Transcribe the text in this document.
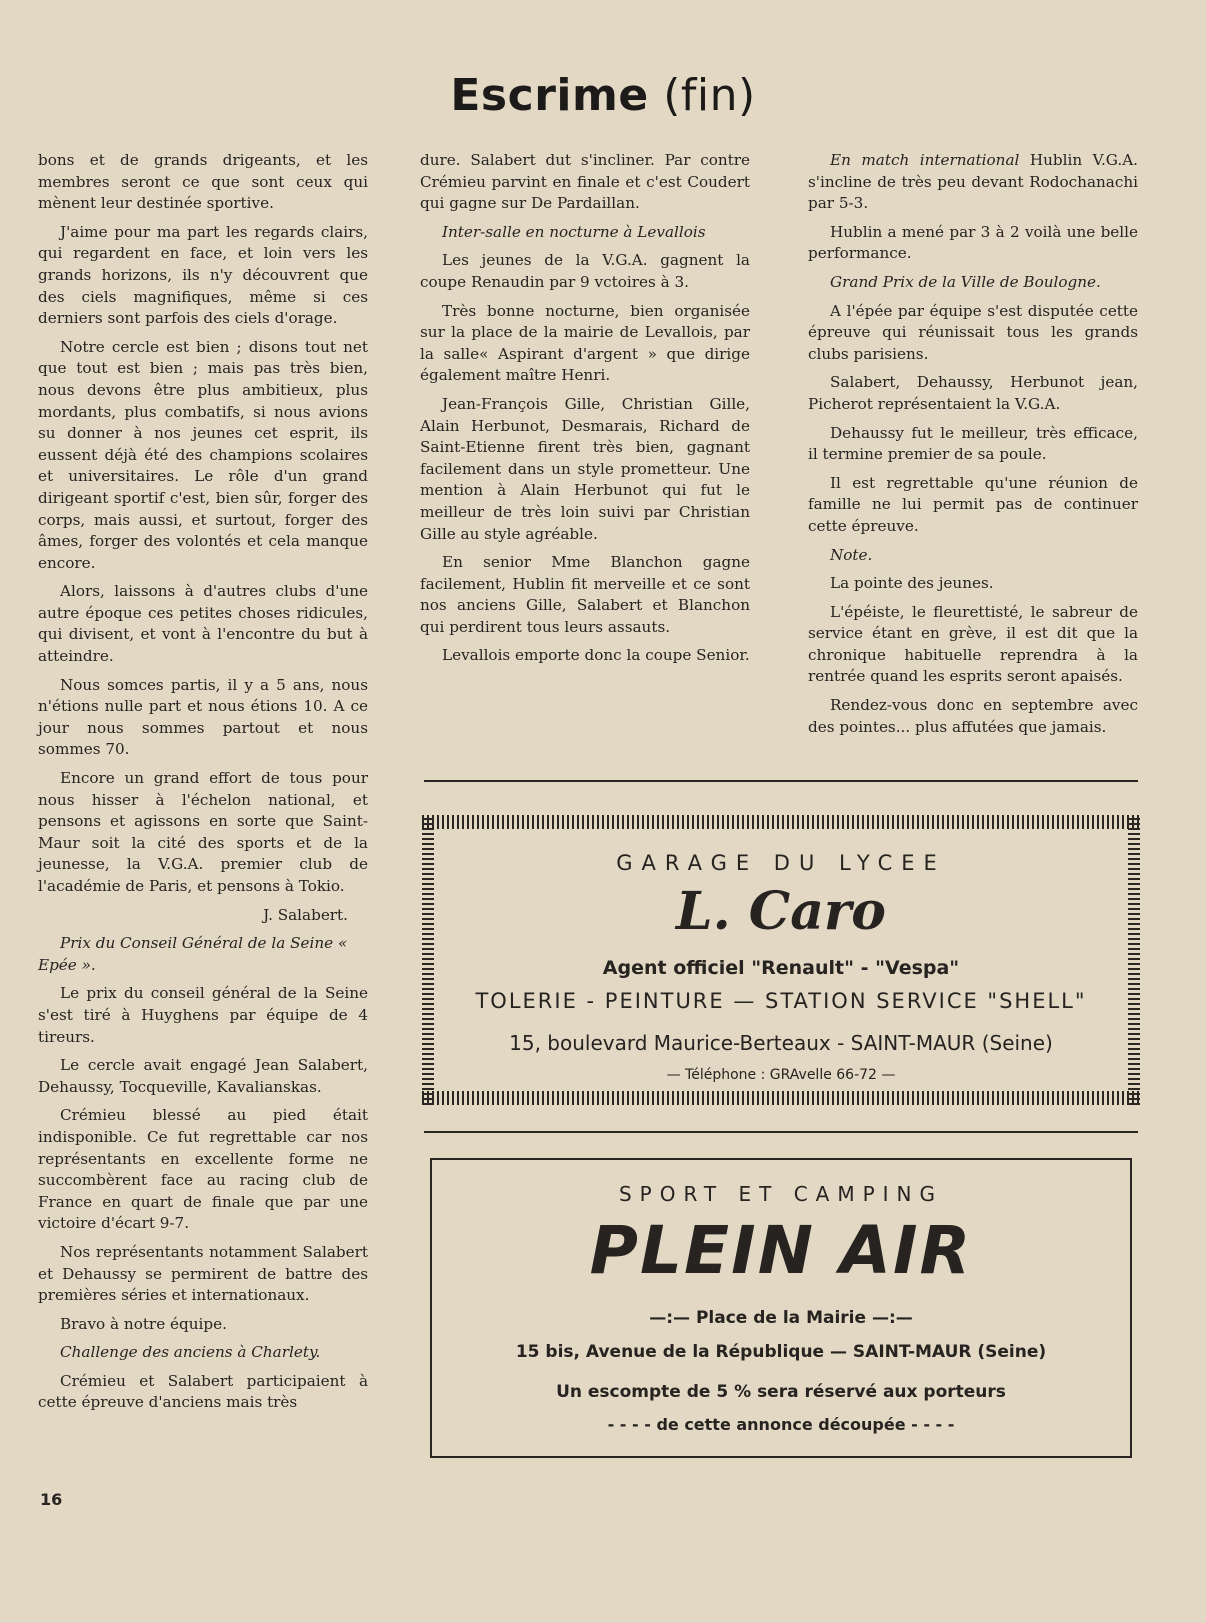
Escrime (fin)

bons et de grands drigeants, et les membres seront ce que sont ceux qui mènent leur destinée sportive.

J'aime pour ma part les regards clairs, qui regardent en face, et loin vers les grands horizons, ils n'y découvrent que des ciels magnifiques, même si ces derniers sont parfois des ciels d'orage.

Notre cercle est bien ; disons tout net que tout est bien ; mais pas très bien, nous devons être plus ambitieux, plus mordants, plus combatifs, si nous avions su donner à nos jeunes cet esprit, ils eussent déjà été des champions scolaires et universitaires. Le rôle d'un grand dirigeant sportif c'est, bien sûr, forger des corps, mais aussi, et surtout, forger des âmes, forger des volontés et cela manque encore.

Alors, laissons à d'autres clubs d'une autre époque ces petites choses ridicules, qui divisent, et vont à l'encontre du but à atteindre.

Nous somces partis, il y a 5 ans, nous n'étions nulle part et nous étions 10. A ce jour nous sommes partout et nous sommes 70.

Encore un grand effort de tous pour nous hisser à l'échelon national, et pensons et agissons en sorte que Saint-Maur soit la cité des sports et de la jeunesse, la V.G.A. premier club de l'académie de Paris, et pensons à Tokio.

J. Salabert.

Prix du Conseil Général de la Seine « Epée ».

Le prix du conseil général de la Seine s'est tiré à Huyghens par équipe de 4 tireurs.

Le cercle avait engagé Jean Salabert, Dehaussy, Tocqueville, Kavalianskas.

Crémieu blessé au pied était indisponible. Ce fut regrettable car nos représentants en excellente forme ne succombèrent face au racing club de France en quart de finale que par une victoire d'écart 9-7.

Nos représentants notamment Salabert et Dehaussy se permirent de battre des premières séries et internationaux.

Bravo à notre équipe.

Challenge des anciens à Charlety.

Crémieu et Salabert participaient à cette épreuve d'anciens mais très

dure. Salabert dut s'incliner. Par contre Crémieu parvint en finale et c'est Coudert qui gagne sur De Pardaillan.

Inter-salle en nocturne à Levallois

Les jeunes de la V.G.A. gagnent la coupe Renaudin par 9 vctoires à 3.

Très bonne nocturne, bien organisée sur la place de la mairie de Levallois, par la salle« Aspirant d'argent » que dirige également maître Henri.

Jean-François Gille, Christian Gille, Alain Herbunot, Desmarais, Richard de Saint-Etienne firent très bien, gagnant facilement dans un style prometteur. Une mention à Alain Herbunot qui fut le meilleur de très loin suivi par Christian Gille au style agréable.

En senior Mme Blanchon gagne facilement, Hublin fit merveille et ce sont nos anciens Gille, Salabert et Blanchon qui perdirent tous leurs assauts.

Levallois emporte donc la coupe Senior.

En match international Hublin V.G.A. s'incline de très peu devant Rodochanachi par 5-3.

Hublin a mené par 3 à 2 voilà une belle performance.

Grand Prix de la Ville de Boulogne.

A l'épée par équipe s'est disputée cette épreuve qui réunissait tous les grands clubs parisiens.

Salabert, Dehaussy, Herbunot jean, Picherot représentaient la V.G.A.

Dehaussy fut le meilleur, très efficace, il termine premier de sa poule.

Il est regrettable qu'une réunion de famille ne lui permit pas de continuer cette épreuve.

Note.

La pointe des jeunes.

L'épéiste, le fleurettisté, le sabreur de service étant en grève, il est dit que la chronique habituelle reprendra à la rentrée quand les esprits seront apaisés.

Rendez-vous donc en septembre avec des pointes... plus affutées que jamais.

GARAGE DU LYCEE
L. Caro
Agent officiel "Renault" - "Vespa"
TOLERIE - PEINTURE — STATION SERVICE "SHELL"
15, boulevard Maurice-Berteaux - SAINT-MAUR (Seine)
— Téléphone : GRAvelle 66-72 —
SPORT ET CAMPING
PLEIN AIR
—:— Place de la Mairie —:—
15 bis, Avenue de la République — SAINT-MAUR (Seine)
Un escompte de 5 % sera réservé aux porteurs
- - - - de cette annonce découpée - - - -
16
